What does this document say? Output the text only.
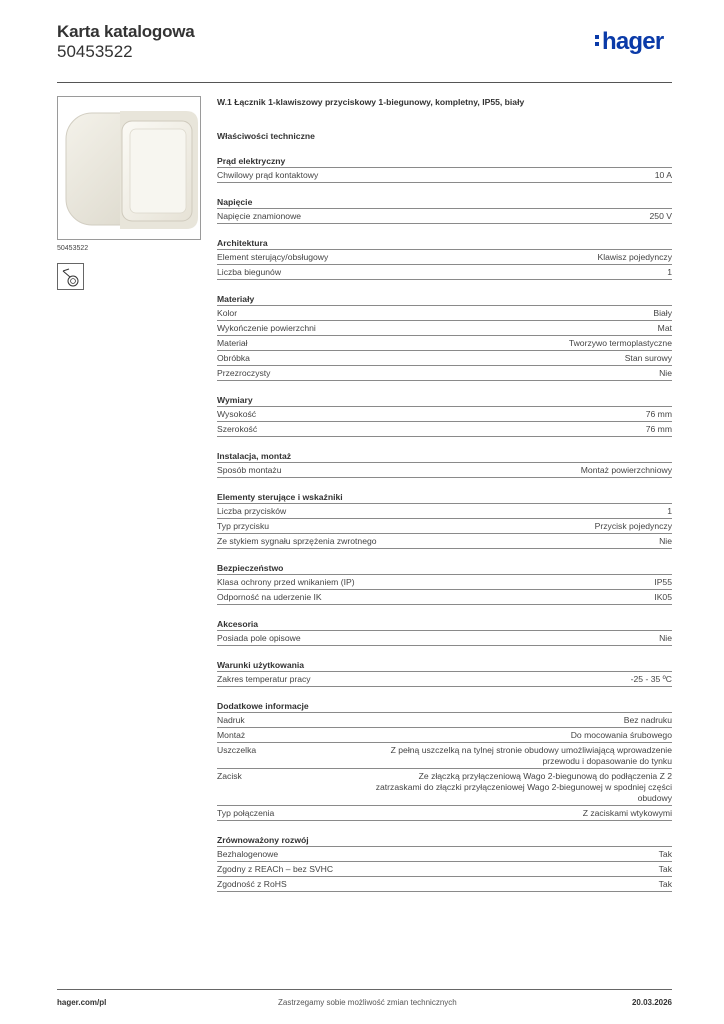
Karta katalogowa
50453522	hager
50453522
W.1 Łącznik 1-klawiszowy przyciskowy 1-biegunowy, kompletny, IP55, biały
Właściwości techniczne
Prąd elektryczny
Chwilowy prąd kontaktowy	10 A
Napięcie
Napięcie znamionowe	250 V
Architektura
Element sterujący/obsługowy	Klawisz pojedynczy
Liczba biegunów	1
Materiały
Kolor	Biały
Wykończenie powierzchni	Mat
Materiał	Tworzywo termoplastyczne
Obróbka	Stan surowy
Przezroczysty	Nie
Wymiary
Wysokość	76 mm
Szerokość	76 mm
Instalacja, montaż
Sposób montażu	Montaż powierzchniowy
Elementy sterujące i wskaźniki
Liczba przycisków	1
Typ przycisku	Przycisk pojedynczy
Ze stykiem sygnału sprzężenia zwrotnego	Nie
Bezpieczeństwo
Klasa ochrony przed wnikaniem (IP)	IP55
Odporność na uderzenie IK	IK05
Akcesoria
Posiada pole opisowe	Nie
Warunki użytkowania
Zakres temperatur pracy	-25 - 35 ºC
Dodatkowe informacje
Nadruk	Bez nadruku
Montaż	Do mocowania śrubowego
Uszczelka	Z pełną uszczelką na tylnej stronie obudowy umożliwiającą wprowadzenie przewodu i dopasowanie do tynku
Zacisk	Ze złączką przyłączeniową Wago 2-biegunową do podłączenia Z 2 zatrzaskami do złączki przyłączeniowej Wago 2-biegunowej w spodniej części obudowy
Typ połączenia	Z zaciskami wtykowymi
Zrównoważony rozwój
Bezhalogenowe	Tak
Zgodny z REACh – bez SVHC	Tak
Zgodność z RoHS	Tak
hager.com/pl	Zastrzegamy sobie możliwość zmian technicznych	20.03.2026
